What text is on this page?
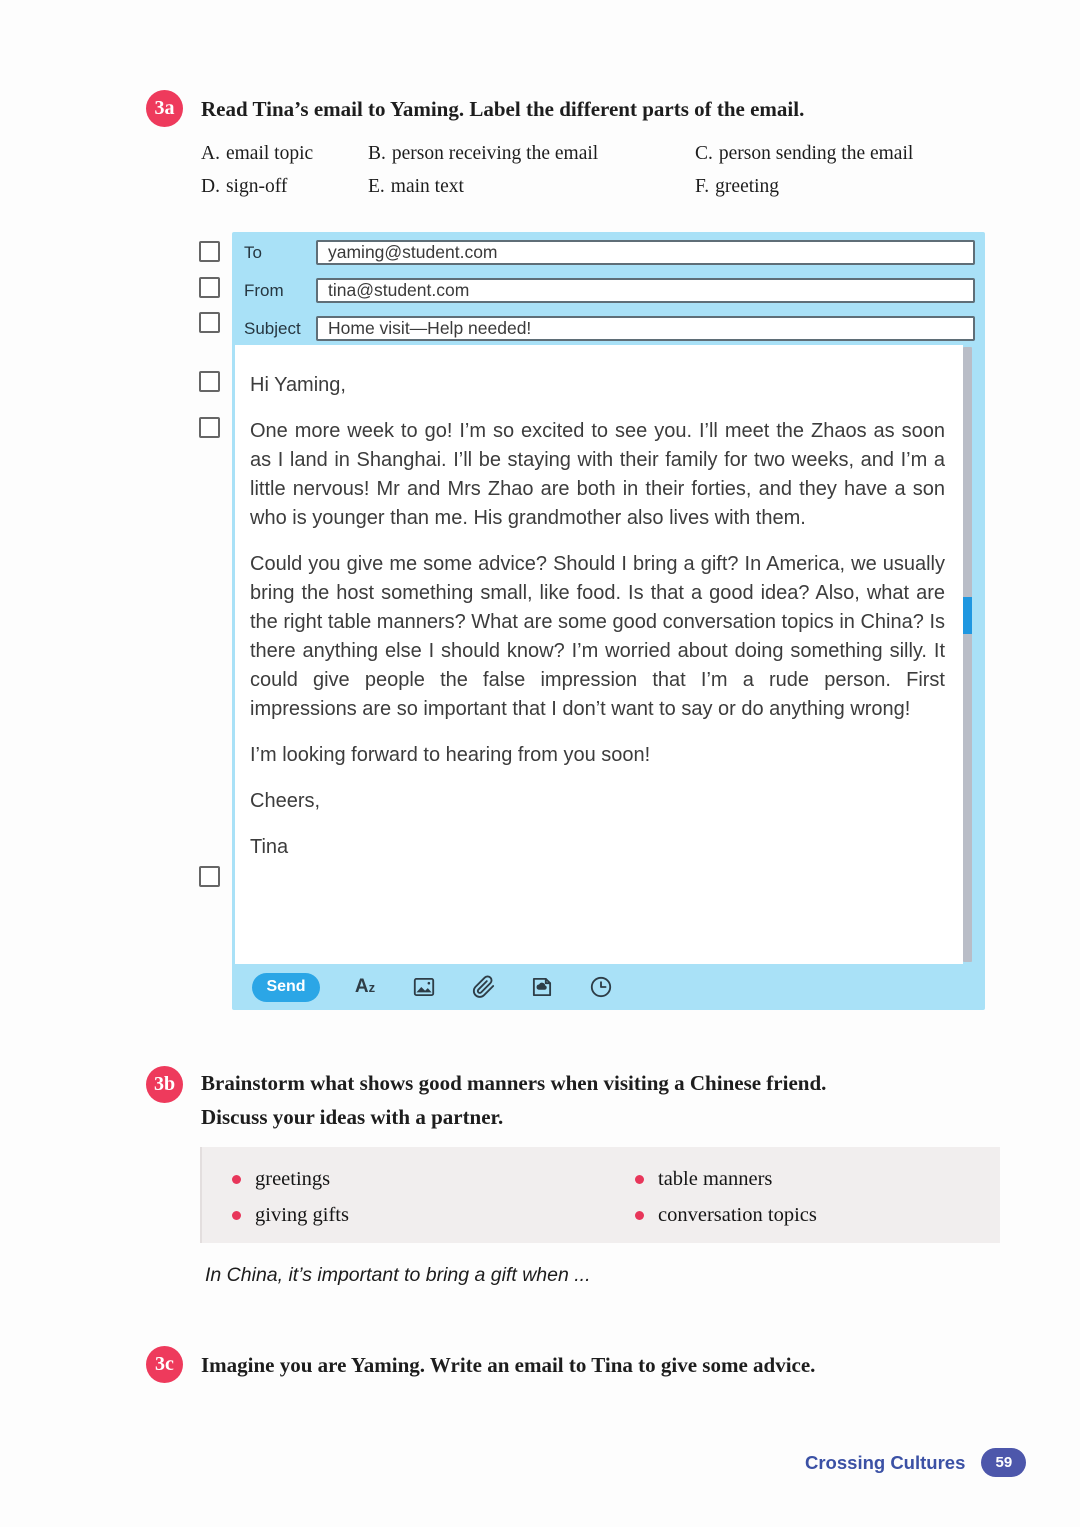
3a	Read Tina’s email to Yaming. Label the different parts of the email.
A. email topic	B. person receiving the email	C. person sending the email
D. sign-off	E. main text	F. greeting
To
yaming@student.com
From
tina@student.com
Subject
Home visit—Help needed!

Hi Yaming,

One more week to go! I’m so excited to see you. I’ll meet the Zhaos as soon as I land in Shanghai. I’ll be staying with their family for two weeks, and I’m a little nervous! Mr and Mrs Zhao are both in their forties, and they have a son who is younger than me. His grandmother also lives with them.

Could you give me some advice? Should I bring a gift? In America, we usually bring the host something small, like food. Is that a good idea? Also, what are the right table manners? What are some good conversation topics in China? Is there anything else I should know? I’m worried about doing something silly. It could give people the false impression that I’m a rude person. First impressions are so important that I don’t want to say or do anything wrong!

I’m looking forward to hearing from you soon!

Cheers,

Tina

Send	A z
3b	Brainstorm what shows good manners when visiting a Chinese friend.
Discuss your ideas with a partner.
greetings	table manners
giving gifts	conversation topics
In China, it’s important to bring a gift when ...
3c	Imagine you are Yaming. Write an email to Tina to give some advice.
Crossing Cultures	59
